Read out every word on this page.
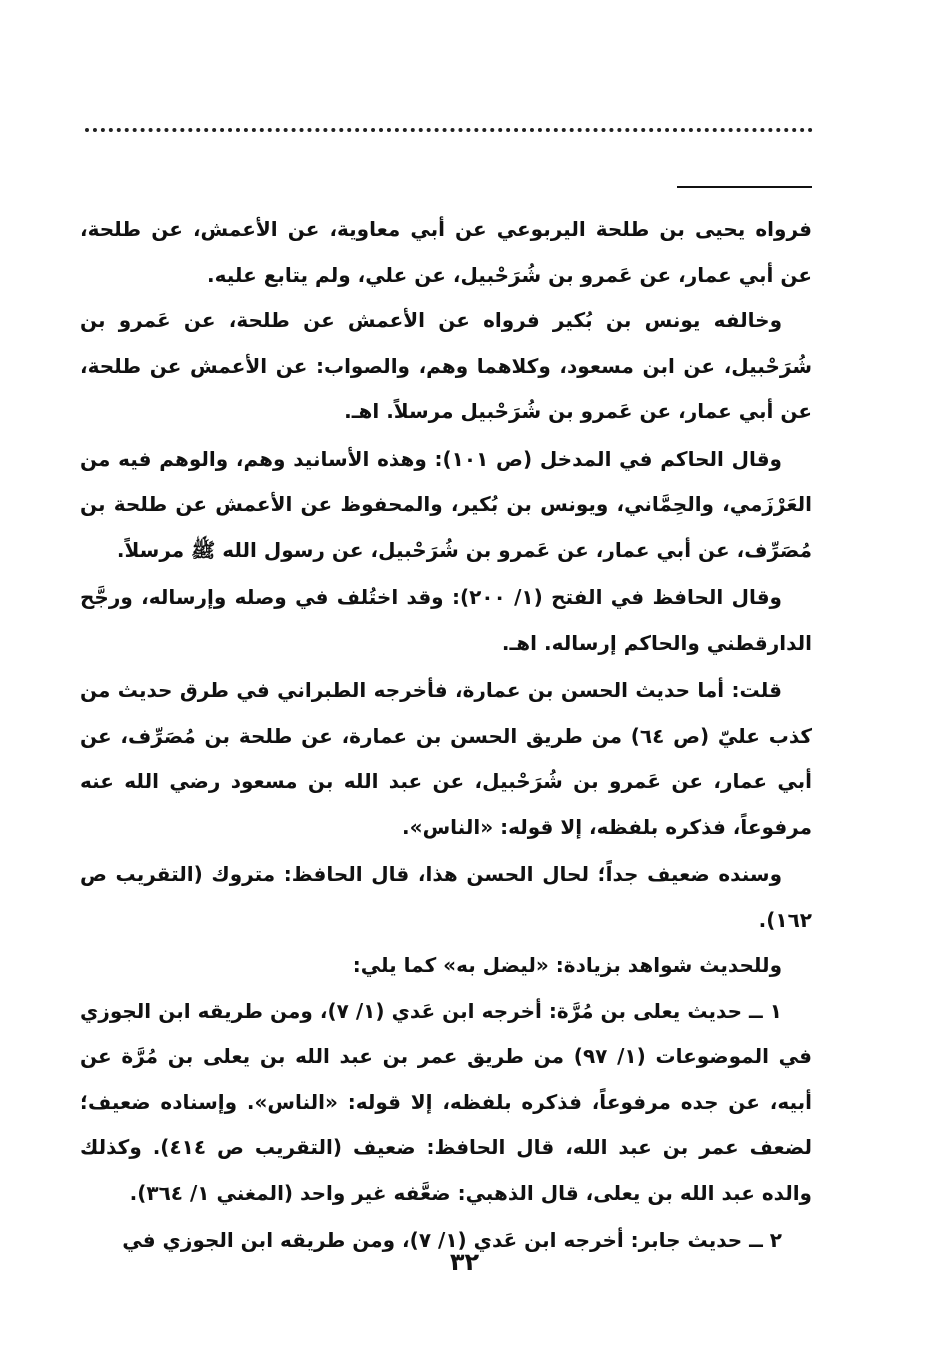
فرواه يحيى بن طلحة اليربوعي عن أبي معاوية، عن الأعمش، عن طلحة، عن أبي عمار، عن عَمرو بن شُرَحْبيل، عن علي، ولم يتابع عليه.

وخالفه يونس بن بُكير فرواه عن الأعمش عن طلحة، عن عَمرو بن شُرَحْبيل، عن ابن مسعود، وكلاهما وهم، والصواب: عن الأعمش عن طلحة، عن أبي عمار، عن عَمرو بن شُرَحْبيل مرسلاً. اهـ.

وقال الحاكم في المدخل (ص ١٠١): وهذه الأسانيد وهم، والوهم فيه من العَرْزَمي، والحِمَّاني، ويونس بن بُكير، والمحفوظ عن الأعمش عن طلحة بن مُصَرِّف، عن أبي عمار، عن عَمرو بن شُرَحْبيل، عن رسول الله ﷺ مرسلاً.

وقال الحافظ في الفتح (١/ ٢٠٠): وقد اختُلف في وصله وإرساله، ورجَّح الدارقطني والحاكم إرساله. اهـ.

قلت: أما حديث الحسن بن عمارة، فأخرجه الطبراني في طرق حديث من كذب عليّ (ص ٦٤) من طريق الحسن بن عمارة، عن طلحة بن مُصَرِّف، عن أبي عمار، عن عَمرو بن شُرَحْبيل، عن عبد الله بن مسعود رضي الله عنه مرفوعاً، فذكره بلفظه، إلا قوله: «الناس».

وسنده ضعيف جداً؛ لحال الحسن هذا، قال الحافظ: متروك (التقريب ص ١٦٢).

وللحديث شواهد بزيادة: «ليضل به» كما يلي:

١ ــ حديث يعلى بن مُرَّة: أخرجه ابن عَدي (١/ ٧)، ومن طريقه ابن الجوزي في الموضوعات (١/ ٩٧) من طريق عمر بن عبد الله بن يعلى بن مُرَّة عن أبيه، عن جده مرفوعاً، فذكره بلفظه، إلا قوله: «الناس». وإسناده ضعيف؛ لضعف عمر بن عبد الله، قال الحافظ: ضعيف (التقريب ص ٤١٤). وكذلك والده عبد الله بن يعلى، قال الذهبي: ضعَّفه غير واحد (المغني ١/ ٣٦٤).

٢ ــ حديث جابر: أخرجه ابن عَدي (١/ ٧)، ومن طريقه ابن الجوزي في

٣٢
